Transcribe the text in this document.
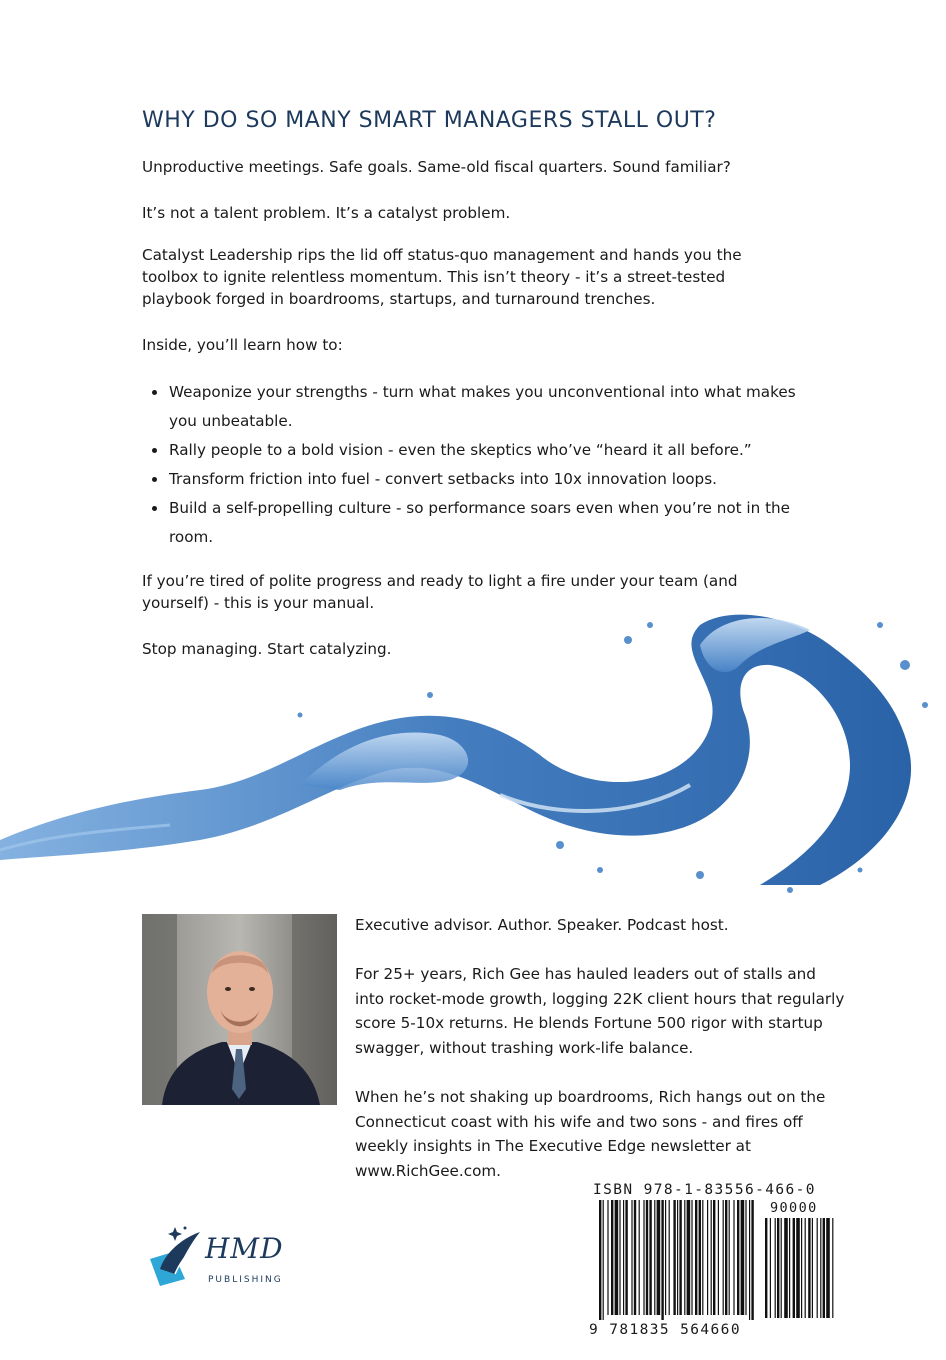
WHY DO SO MANY SMART MANAGERS STALL OUT?

Unproductive meetings. Safe goals. Same-old fiscal quarters. Sound familiar?

It’s not a talent problem. It’s a catalyst problem.

Catalyst Leadership rips the lid off status-quo management and hands you the toolbox to ignite relentless momentum. This isn’t theory - it’s a street-tested playbook forged in boardrooms, startups, and turnaround trenches.

Inside, you’ll learn how to:

Weaponize your strengths - turn what makes you unconventional into what makes you unbeatable.
Rally people to a bold vision - even the skeptics who’ve “heard it all before.”
Transform friction into fuel - convert setbacks into 10x innovation loops.
Build a self-propelling culture - so performance soars even when you’re not in the room.

If you’re tired of polite progress and ready to light a fire under your team (and yourself) - this is your manual.

Stop managing. Start catalyzing.

Executive advisor. Author. Speaker. Podcast host.

For 25+ years, Rich Gee has hauled leaders out of stalls and into rocket-mode growth, logging 22K client hours that regularly score 5-10x returns. He blends Fortune 500 rigor with startup swagger, without trashing work-life balance.

When he’s not shaking up boardrooms, Rich hangs out on the Connecticut coast with his wife and two sons - and fires off weekly insights in The Executive Edge newsletter at www.RichGee.com.

ISBN 978-1-83556-466-0
90000
9 781835 564660
HMD
PUBLISHING
